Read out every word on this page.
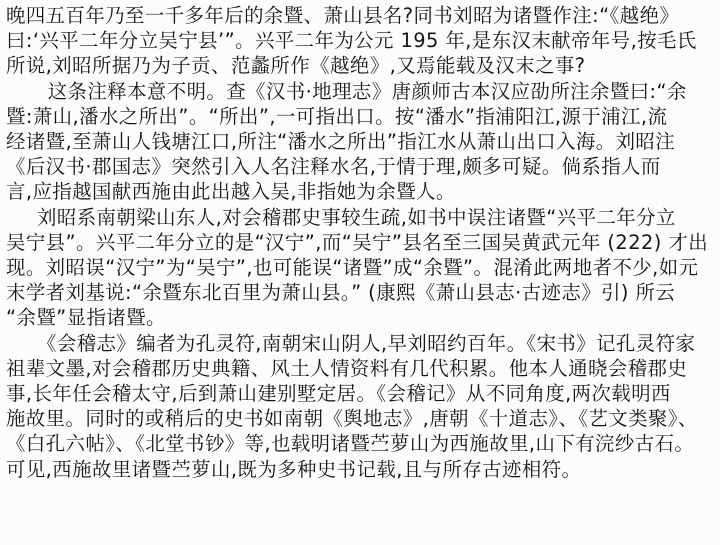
晚四五百年乃至一千多年后的余暨、萧山县名?同书刘昭为诸暨作注:“《越绝》
曰:‘兴平二年分立吴宁县’”。兴平二年为公元 195 年,是东汉末献帝年号,按毛氏
所说,刘昭所据乃为子贡、范蠡所作《越绝》,又焉能载及汉末之事?
这条注释本意不明。查《汉书·地理志》唐颜师古本汉应劭所注余暨曰:“余
暨:萧山,潘水之所出”。“所出”,一可指出口。按“潘水”指浦阳江,源于浦江,流
经诸暨,至萧山人钱塘江口,所注“潘水之所出”指江水从萧山出口入海。刘昭注
《后汉书·郡国志》突然引入人名注释水名,于情于理,颇多可疑。倘系指人而
言,应指越国献西施由此出越入吴,非指她为余暨人。
刘昭系南朝梁山东人,对会稽郡史事较生疏,如书中误注诸暨“兴平二年分立
吴宁县”。兴平二年分立的是“汉宁”,而“吴宁”县名至三国吴黄武元年 (222) 才出
现。刘昭误“汉宁”为“吴宁”,也可能误“诸暨”成“余暨”。混淆此两地者不少,如元
末学者刘基说:“余暨东北百里为萧山县。” (康熙《萧山县志·古迹志》引) 所云
“余暨”显指诸暨。
《会稽志》编者为孔灵符,南朝宋山阴人,早刘昭约百年。《宋书》记孔灵符家
祖辈文墨,对会稽郡历史典籍、风土人情资料有几代积累。他本人通晓会稽郡史
事,长年任会稽太守,后到萧山建别墅定居。《会稽记》从不同角度,两次载明西
施故里。同时的或稍后的史书如南朝《舆地志》,唐朝《十道志》、《艺文类聚》、
《白孔六帖》、《北堂书钞》等,也载明诸暨苎萝山为西施故里,山下有浣纱古石。
可见,西施故里诸暨苎萝山,既为多种史书记载,且与所存古迹相符。
